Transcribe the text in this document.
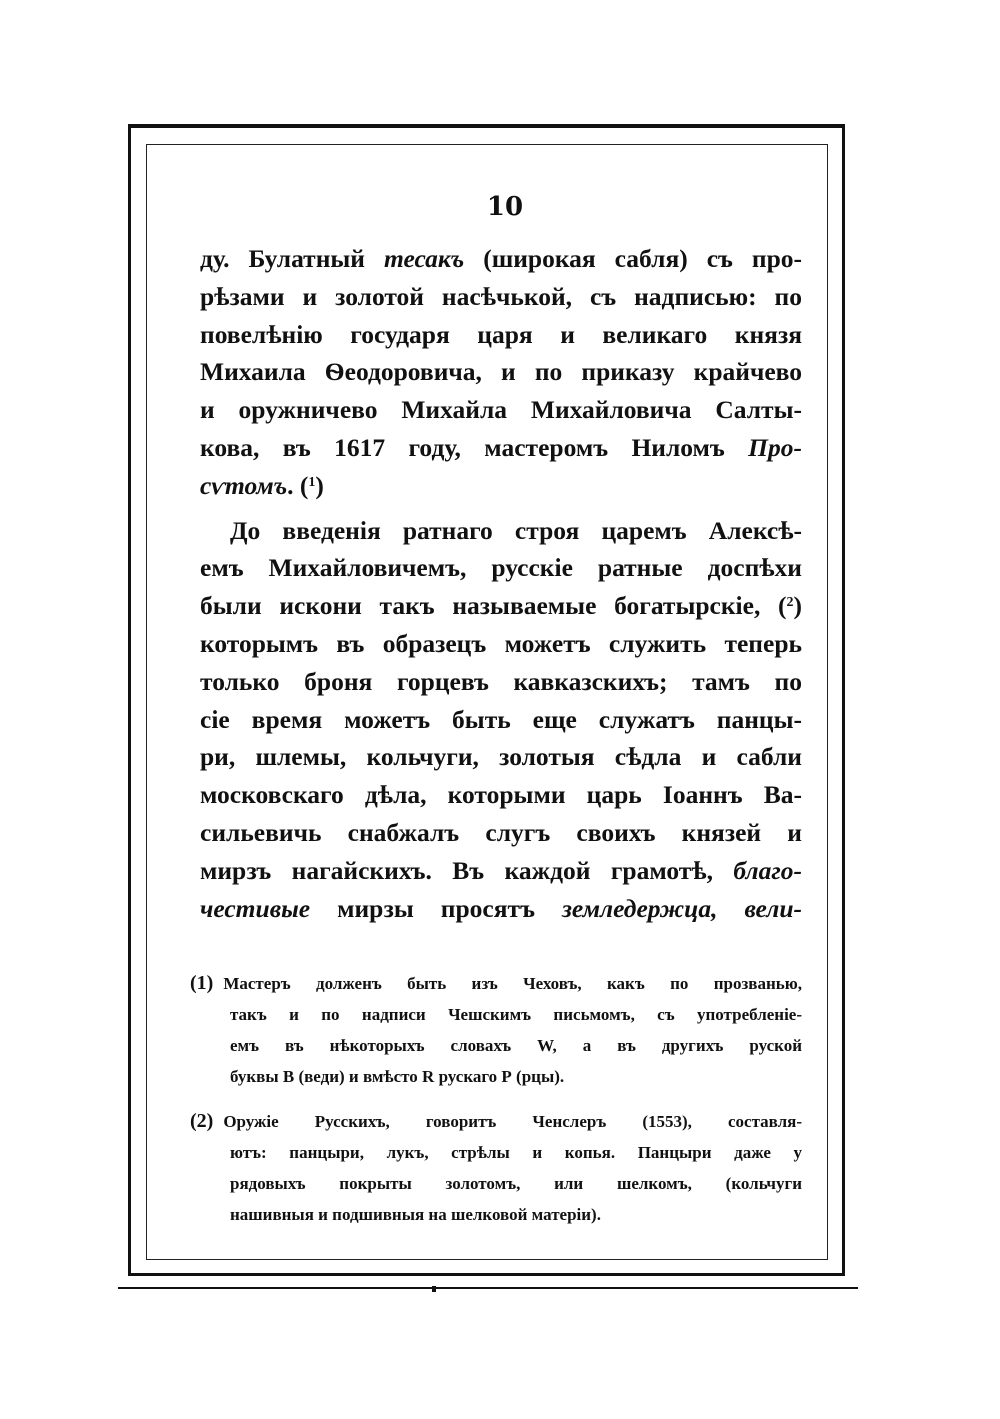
10
ду. Булатный тесакъ (широкая сабля) съ про-
рѣзами и золотой насѣчькой, съ надписью: по
повелѣнію государя царя и великаго князя
Михаила Ѳеодоровича, и по приказу крайчево
и оружничево Михайла Михайловича Салты-
кова, въ 1617 году, мастеромъ Ниломъ Про-
сѵтомъ. ($^1$)
До введенія ратнаго строя царемъ Алексѣ-
емъ Михайловичемъ, русскіе ратные доспѣхи
были искони такъ называемые богатырскіе, ($^2$)
которымъ въ образецъ можетъ служить теперь
только броня горцевъ кавказскихъ; тамъ по
сіе время можетъ быть еще служатъ панцы-
ри, шлемы, кольчуги, золотыя сѣдла и сабли
московскаго дѣла, которыми царь Іоаннъ Ва-
сильевичь снабжалъ слугъ своихъ князей и
мирзъ нагайскихъ. Въ каждой грамотѣ, благо-
честивые мирзы просятъ земледержца, вели-
(1) Мастеръ долженъ быть изъ Чеховъ, какъ по прозванью,
такъ и по надписи Чешскимъ письмомъ, съ употребленіе-
емъ въ нѣкоторыхъ словахъ W, а въ другихъ руской
буквы В (веди) и вмѣсто R рускаго Р (рцы).
(2) Оружіе Русскихъ, говоритъ Ченслеръ (1553), составля-
ютъ: панцыри, лукъ, стрѣлы и копья. Панцыри даже у
рядовыхъ покрыты золотомъ, или шелкомъ, (кольчуги
нашивныя и подшивныя на шелковой матеріи).
